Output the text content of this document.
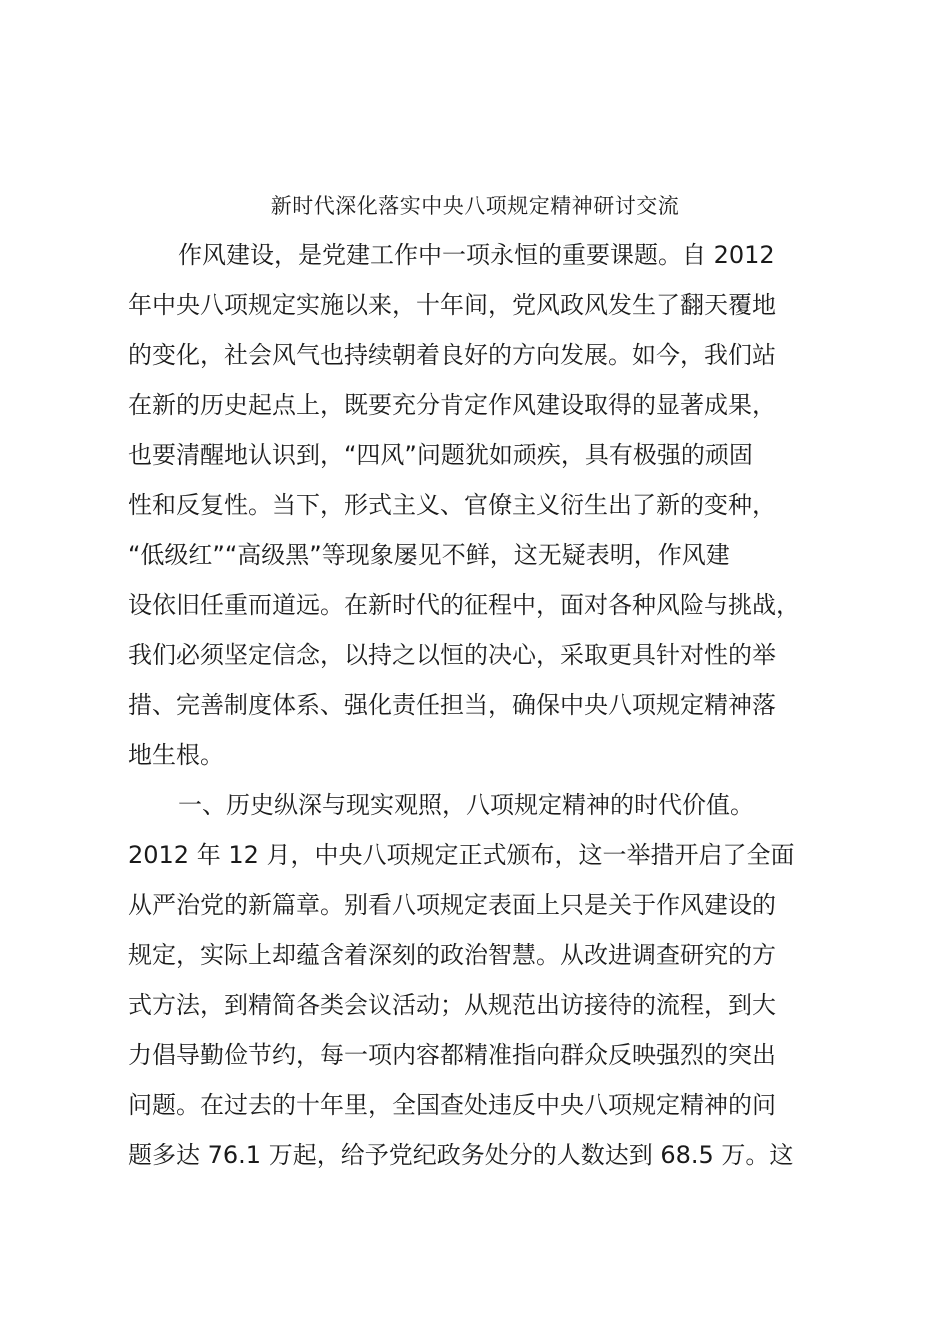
新时代深化落实中央八项规定精神研讨交流
作风建设，是党建工作中一项永恒的重要课题。自 2012
年中央八项规定实施以来，十年间，党风政风发生了翻天覆地
的变化，社会风气也持续朝着良好的方向发展。如今，我们站
在新的历史起点上，既要充分肯定作风建设取得的显著成果，
也要清醒地认识到，“四风”问题犹如顽疾，具有极强的顽固
性和反复性。当下，形式主义、官僚主义衍生出了新的变种，
“低级红”“高级黑”等现象屡见不鲜，这无疑表明，作风建
设依旧任重而道远。在新时代的征程中，面对各种风险与挑战，
我们必须坚定信念，以持之以恒的决心，采取更具针对性的举
措、完善制度体系、强化责任担当，确保中央八项规定精神落
地生根。
一、历史纵深与现实观照，八项规定精神的时代价值。
2012 年 12 月，中央八项规定正式颁布，这一举措开启了全面
从严治党的新篇章。别看八项规定表面上只是关于作风建设的
规定，实际上却蕴含着深刻的政治智慧。从改进调查研究的方
式方法，到精简各类会议活动；从规范出访接待的流程，到大
力倡导勤俭节约，每一项内容都精准指向群众反映强烈的突出
问题。在过去的十年里，全国查处违反中央八项规定精神的问
题多达 76.1 万起，给予党纪政务处分的人数达到 68.5 万。这
